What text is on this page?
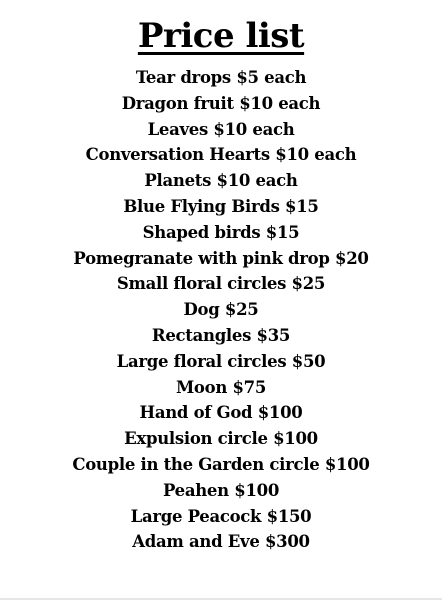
Price list
Tear drops $5 each
Dragon fruit $10 each
Leaves $10 each
Conversation Hearts $10 each
Planets $10 each
Blue Flying Birds $15
Shaped birds $15
Pomegranate with pink drop $20
Small floral circles $25
Dog $25
Rectangles $35
Large floral circles $50
Moon $75
Hand of God $100
Expulsion circle $100
Couple in the Garden circle $100
Peahen $100
Large Peacock $150
Adam and Eve $300
